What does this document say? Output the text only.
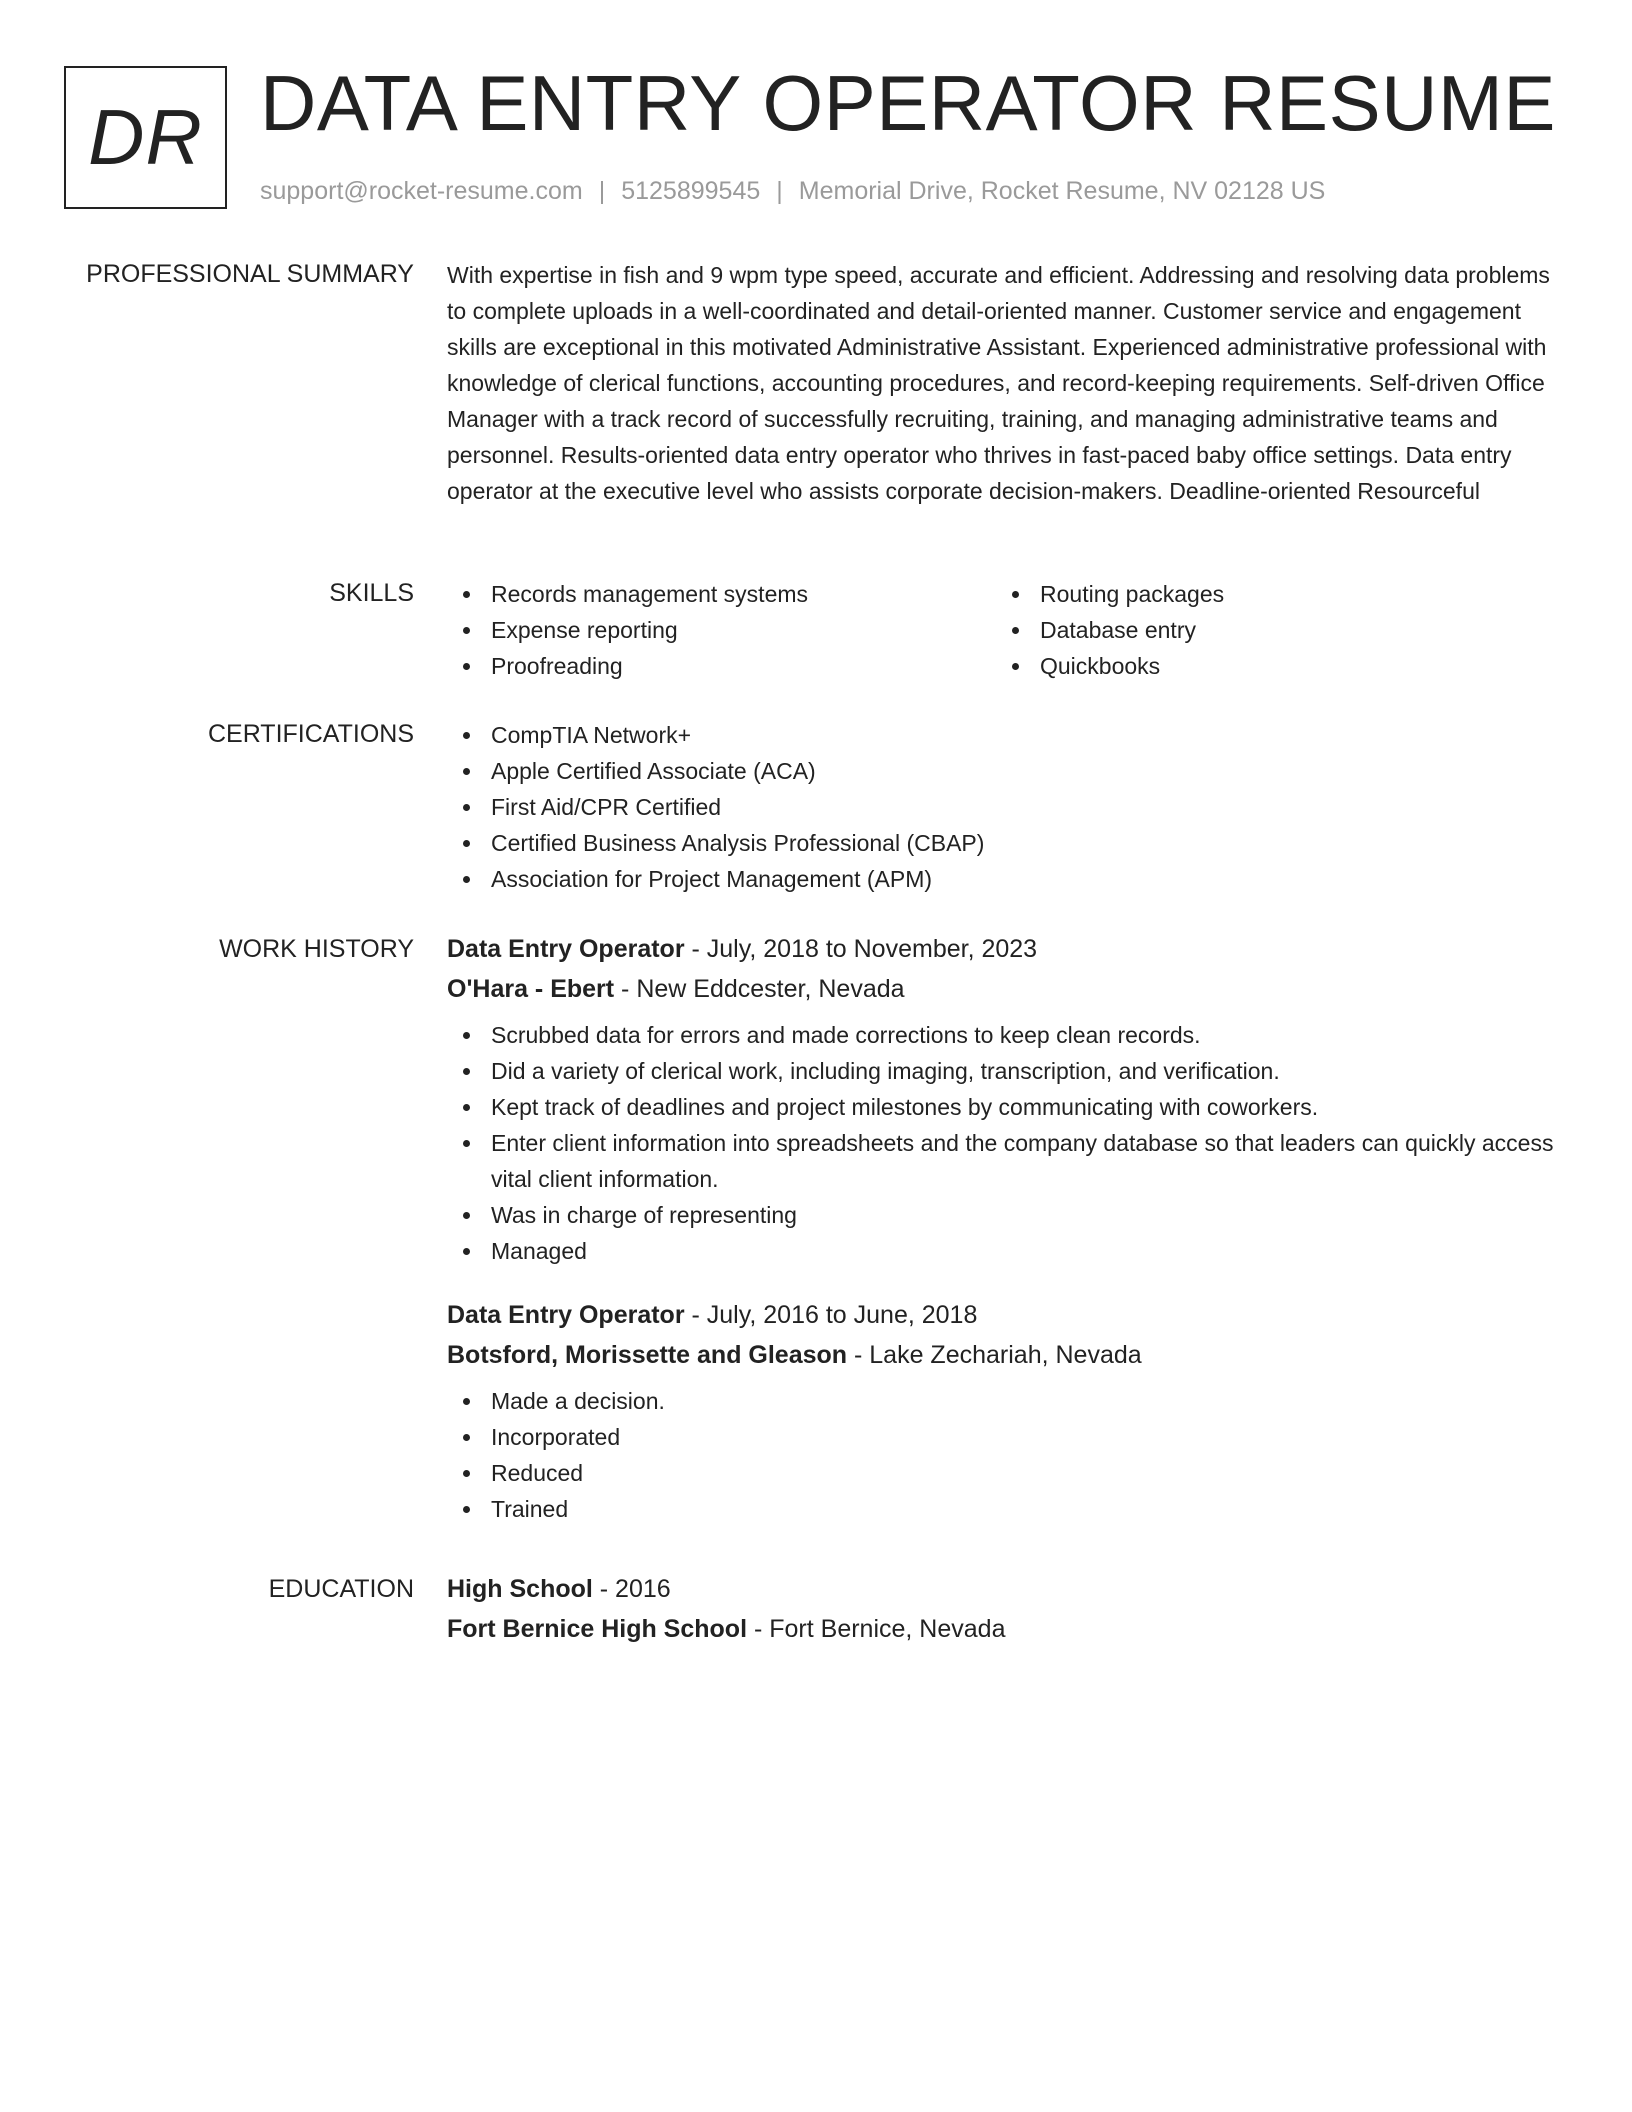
DR DATA ENTRY OPERATOR RESUME
support@rocket-resume.com | 5125899545 | Memorial Drive, Rocket Resume, NV 02128 US
PROFESSIONAL SUMMARY With expertise in fish and 9 wpm type speed, accurate and efficient. Addressing and resolving data problems to complete uploads in a well-coordinated and detail-oriented manner. Customer service and engagement skills are exceptional in this motivated Administrative Assistant. Experienced administrative professional with knowledge of clerical functions, accounting procedures, and record-keeping requirements. Self-driven Office Manager with a track record of successfully recruiting, training, and managing administrative teams and personnel. Results-oriented data entry operator who thrives in fast-paced baby office settings. Data entry operator at the executive level who assists corporate decision-makers. Deadline-oriented Resourceful

SKILLS	Records management systems
Expense reporting
Proofreading
Routing packages
Database entry
Quickbooks
CERTIFICATIONS	CompTIA Network+
Apple Certified Associate (ACA)
First Aid/CPR Certified
Certified Business Analysis Professional (CBAP)
Association for Project Management (APM)
WORK HISTORY Data Entry Operator - July, 2018 to November, 2023
O'Hara - Ebert - New Eddcester, Nevada
Scrubbed data for errors and made corrections to keep clean records.
Did a variety of clerical work, including imaging, transcription, and verification.
Kept track of deadlines and project milestones by communicating with coworkers.
Enter client information into spreadsheets and the company database so that leaders can quickly access vital client information.
Was in charge of representing
Managed
Data Entry Operator - July, 2016 to June, 2018
Botsford, Morissette and Gleason - Lake Zechariah, Nevada
Made a decision.
Incorporated
Reduced
Trained
EDUCATION High School - 2016
Fort Bernice High School - Fort Bernice, Nevada
